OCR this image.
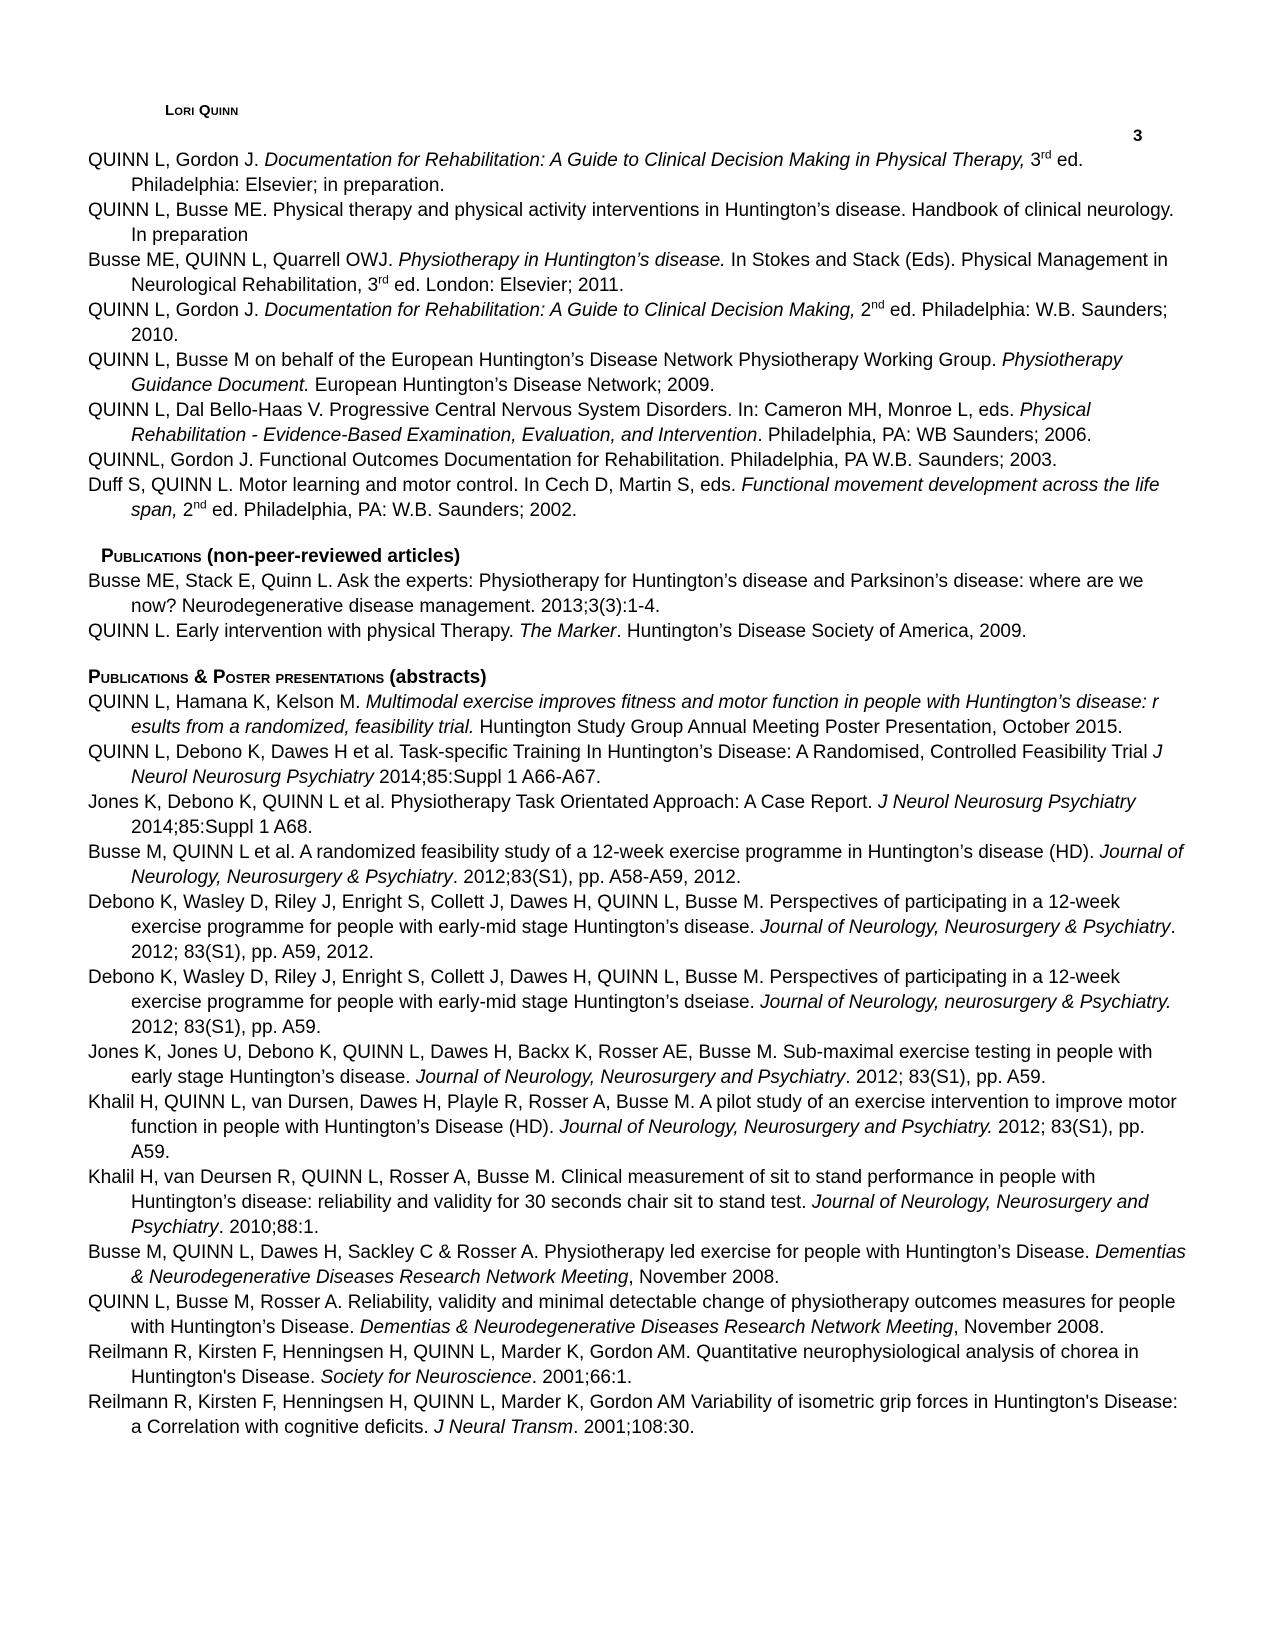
Lori Quinn
3

QUINN L, Gordon J. Documentation for Rehabilitation: A Guide to Clinical Decision Making in Physical Therapy, 3rd ed. Philadelphia: Elsevier; in preparation.

QUINN L, Busse ME. Physical therapy and physical activity interventions in Huntington’s disease. Handbook of clinical neurology. In preparation

Busse ME, QUINN L, Quarrell OWJ. Physiotherapy in Huntington’s disease. In Stokes and Stack (Eds). Physical Management in Neurological Rehabilitation, 3rd ed. London: Elsevier; 2011.

QUINN L, Gordon J. Documentation for Rehabilitation: A Guide to Clinical Decision Making, 2nd ed. Philadelphia: W.B. Saunders; 2010.

QUINN L, Busse M on behalf of the European Huntington’s Disease Network Physiotherapy Working Group. Physiotherapy Guidance Document. European Huntington’s Disease Network; 2009.

QUINN L, Dal Bello-Haas V. Progressive Central Nervous System Disorders. In: Cameron MH, Monroe L, eds. Physical Rehabilitation - Evidence-Based Examination, Evaluation, and Intervention. Philadelphia, PA: WB Saunders; 2006.

QUINNL, Gordon J. Functional Outcomes Documentation for Rehabilitation. Philadelphia, PA W.B. Saunders; 2003.

Duff S, QUINN L. Motor learning and motor control. In Cech D, Martin S, eds. Functional movement development across the life span, 2nd ed. Philadelphia, PA: W.B. Saunders; 2002.

Publications (non-peer-reviewed articles)

Busse ME, Stack E, Quinn L. Ask the experts: Physiotherapy for Huntington’s disease and Parksinon’s disease: where are we now? Neurodegenerative disease management. 2013;3(3):1-4.

QUINN L. Early intervention with physical Therapy. The Marker. Huntington’s Disease Society of America, 2009.

Publications & Poster presentations (abstracts)

QUINN L, Hamana K, Kelson M. Multimodal exercise improves fitness and motor function in people with Huntington’s disease: r esults from a randomized, feasibility trial. Huntington Study Group Annual Meeting Poster Presentation, October 2015.

QUINN L, Debono K, Dawes H et al. Task-specific Training In Huntington’s Disease: A Randomised, Controlled Feasibility Trial J Neurol Neurosurg Psychiatry 2014;85:Suppl 1 A66-A67.

Jones K, Debono K, QUINN L et al. Physiotherapy Task Orientated Approach: A Case Report. J Neurol Neurosurg Psychiatry 2014;85:Suppl 1 A68.

Busse M, QUINN L et al. A randomized feasibility study of a 12-week exercise programme in Huntington’s disease (HD). Journal of Neurology, Neurosurgery & Psychiatry. 2012;83(S1), pp. A58-A59, 2012.

Debono K, Wasley D, Riley J, Enright S, Collett J, Dawes H, QUINN L, Busse M. Perspectives of participating in a 12-week exercise programme for people with early-mid stage Huntington’s disease. Journal of Neurology, Neurosurgery & Psychiatry. 2012; 83(S1), pp. A59, 2012.

Debono K, Wasley D, Riley J, Enright S, Collett J, Dawes H, QUINN L, Busse M. Perspectives of participating in a 12-week exercise programme for people with early-mid stage Huntington’s dseiase. Journal of Neurology, neurosurgery & Psychiatry. 2012; 83(S1), pp. A59.

Jones K, Jones U, Debono K, QUINN L, Dawes H, Backx K, Rosser AE, Busse M. Sub-maximal exercise testing in people with early stage Huntington’s disease. Journal of Neurology, Neurosurgery and Psychiatry. 2012; 83(S1), pp. A59.

Khalil H, QUINN L, van Dursen, Dawes H, Playle R, Rosser A, Busse M. A pilot study of an exercise intervention to improve motor function in people with Huntington’s Disease (HD). Journal of Neurology, Neurosurgery and Psychiatry. 2012; 83(S1), pp. A59.

Khalil H, van Deursen R, QUINN L, Rosser A, Busse M. Clinical measurement of sit to stand performance in people with Huntington’s disease: reliability and validity for 30 seconds chair sit to stand test. Journal of Neurology, Neurosurgery and Psychiatry. 2010;88:1.

Busse M, QUINN L, Dawes H, Sackley C & Rosser A. Physiotherapy led exercise for people with Huntington’s Disease. Dementias & Neurodegenerative Diseases Research Network Meeting, November 2008.

QUINN L, Busse M, Rosser A. Reliability, validity and minimal detectable change of physiotherapy outcomes measures for people with Huntington’s Disease. Dementias & Neurodegenerative Diseases Research Network Meeting, November 2008.

Reilmann R, Kirsten F, Henningsen H, QUINN L, Marder K, Gordon AM. Quantitative neurophysiological analysis of chorea in Huntington's Disease. Society for Neuroscience. 2001;66:1.

Reilmann R, Kirsten F, Henningsen H, QUINN L, Marder K, Gordon AM Variability of isometric grip forces in Huntington's Disease: a Correlation with cognitive deficits. J Neural Transm. 2001;108:30.
